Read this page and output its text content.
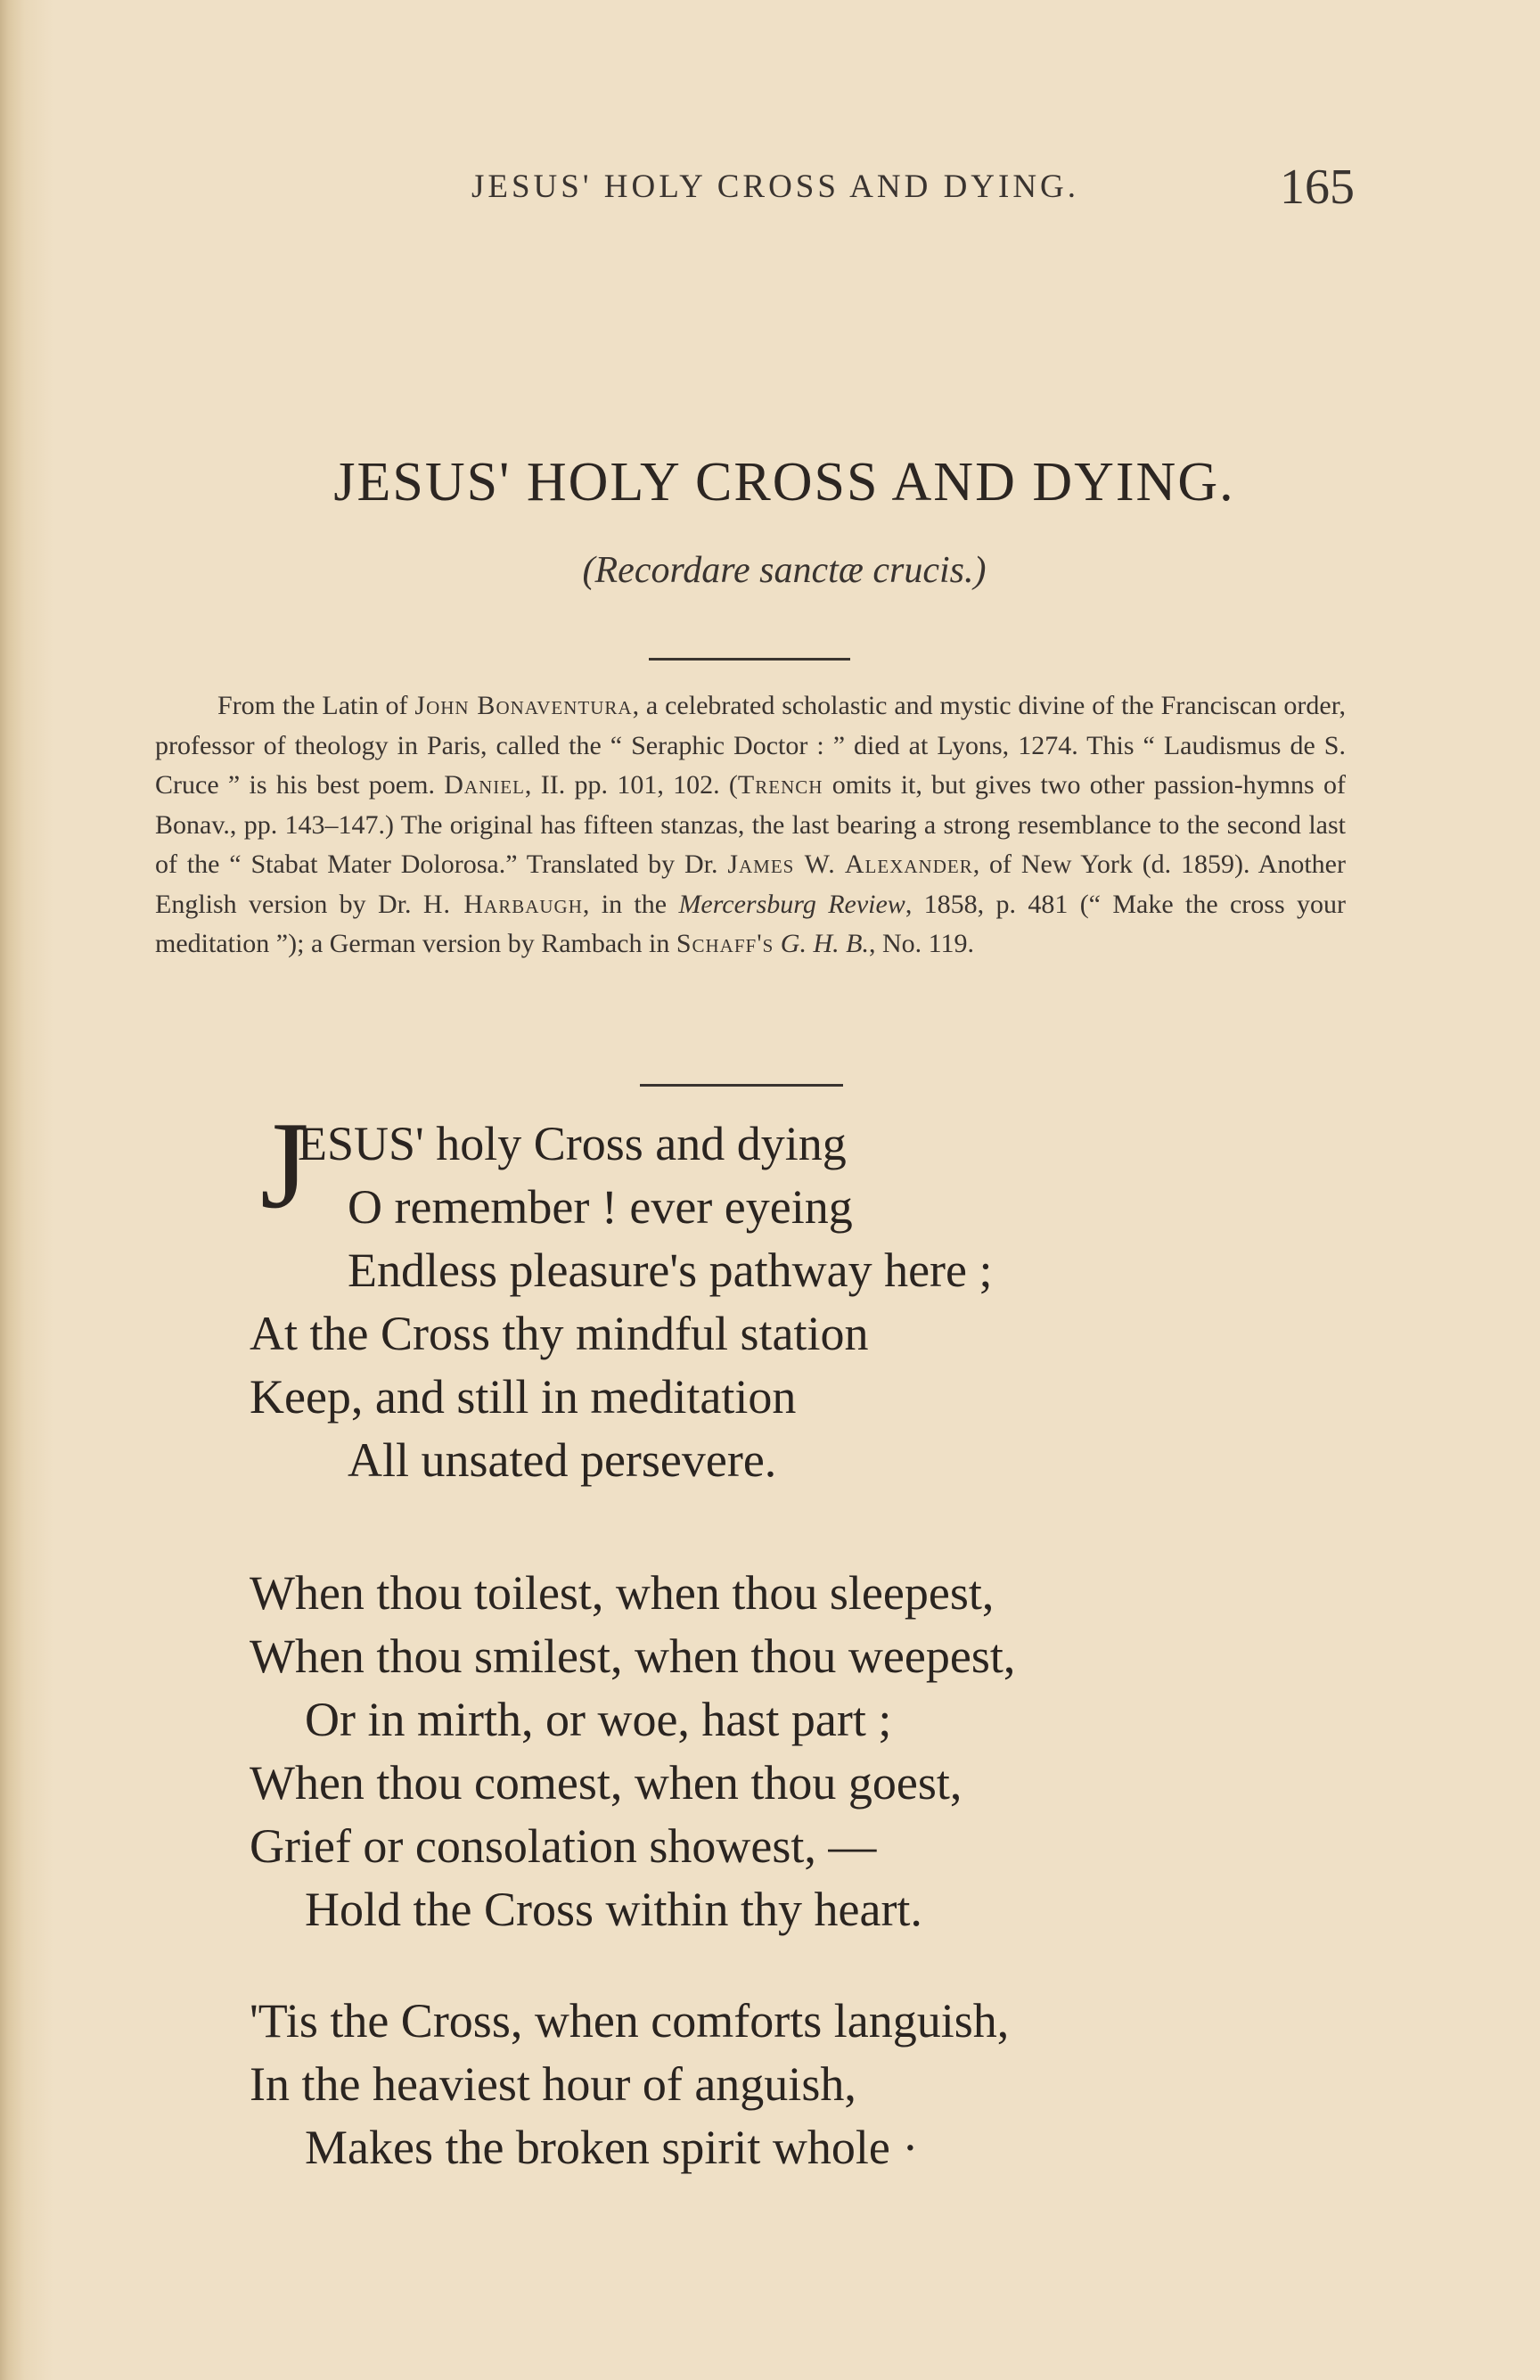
JESUS' HOLY CROSS AND DYING.	165
JESUS' HOLY CROSS AND DYING.
(Recordare sanctæ crucis.)
From the Latin of John Bonaventura, a celebrated scholastic and mystic divine of the Franciscan order, professor of theology in Paris, called the “ Seraphic Doctor : ” died at Lyons, 1274. This “ Laudismus de S. Cruce ” is his best poem. Daniel, II. pp. 101, 102. (Trench omits it, but gives two other passion-hymns of Bonav., pp. 143–147.) The original has fifteen stanzas, the last bearing a strong resemblance to the second last of the “ Stabat Mater Dolorosa.” Translated by Dr. James W. Alexander, of New York (d. 1859). Another English version by Dr. H. Harbaugh, in the Mercersburg Review, 1858, p. 481 (“ Make the cross your meditation ”); a German version by Rambach in Schaff's G. H. B., No. 119.
J
ESUS' holy Cross and dying
O remember ! ever eyeing
Endless pleasure's pathway here ;
At the Cross thy mindful station
Keep, and still in meditation
All unsated persevere.
When thou toilest, when thou sleepest,
When thou smilest, when thou weepest,
Or in mirth, or woe, hast part ;
When thou comest, when thou goest,
Grief or consolation showest, —
Hold the Cross within thy heart.
'Tis the Cross, when comforts languish,
In the heaviest hour of anguish,
Makes the broken spirit whole ·
